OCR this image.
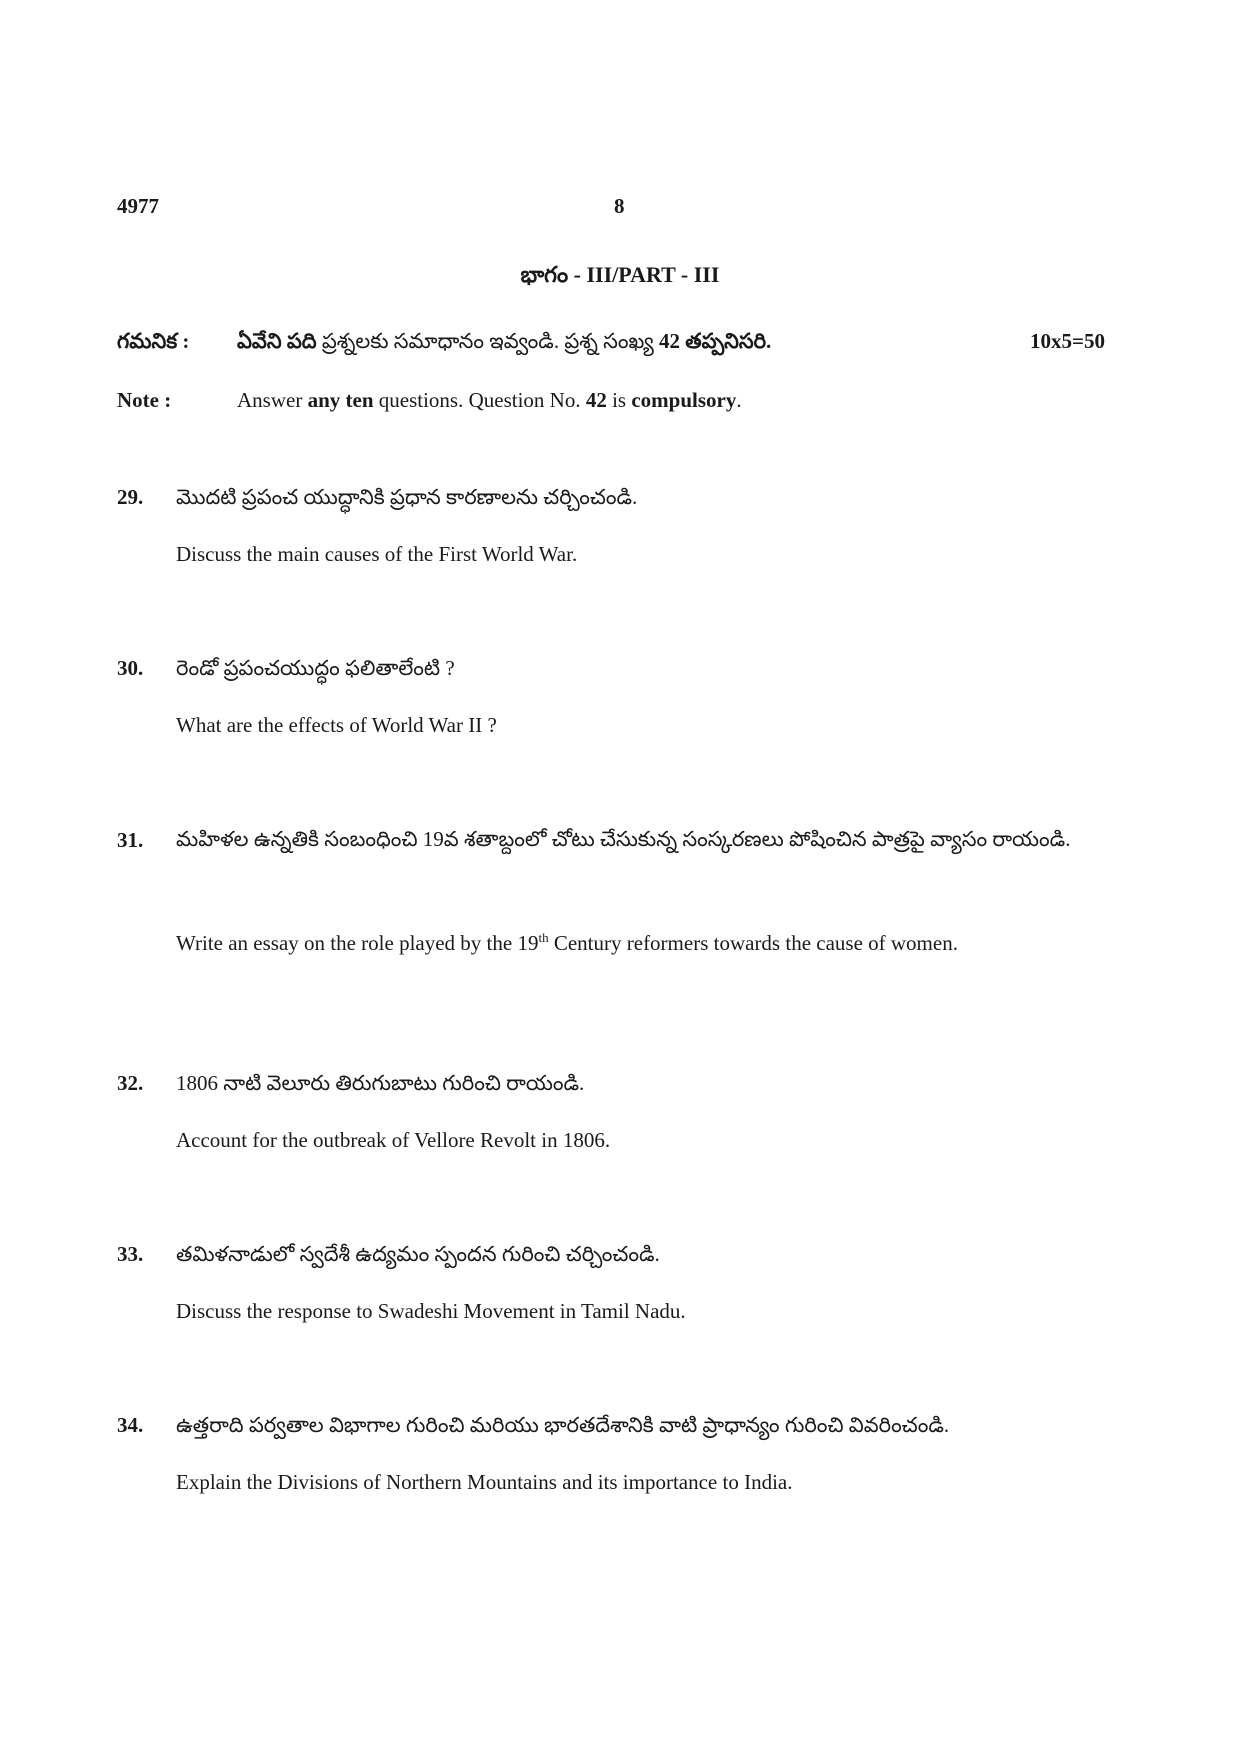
4977	8
భాగం - III/PART - III
గమనిక : ఏవేని పది ప్రశ్నలకు సమాధానం ఇవ్వండి. ప్రశ్న సంఖ్య 42 తప్పనిసరి.	10x5=50
Note :	Answer any ten questions. Question No. 42 is compulsory.
29. మొదటి ప్రపంచ యుద్ధానికి ప్రధాన కారణాలను చర్చించండి.
Discuss the main causes of the First World War.
30. రెండో ప్రపంచయుద్ధం ఫలితాలేంటి ?
What are the effects of World War II ?
31. మహిళల ఉన్నతికి సంబంధించి 19వ శతాబ్దంలో చోటు చేసుకున్న సంస్కరణలు పోషించిన పాత్రపై వ్యాసం రాయండి.
Write an essay on the role played by the 19th Century reformers towards the cause of women.
32. 1806 నాటి వెలూరు తిరుగుబాటు గురించి రాయండి.
Account for the outbreak of Vellore Revolt in 1806.
33. తమిళనాడులో స్వదేశీ ఉద్యమం స్పందన గురించి చర్చించండి.
Discuss the response to Swadeshi Movement in Tamil Nadu.
34. ఉత్తరాది పర్వతాల విభాగాల గురించి మరియు భారతదేశానికి వాటి ప్రాధాన్యం గురించి వివరించండి.
Explain the Divisions of Northern Mountains and its importance to India.
